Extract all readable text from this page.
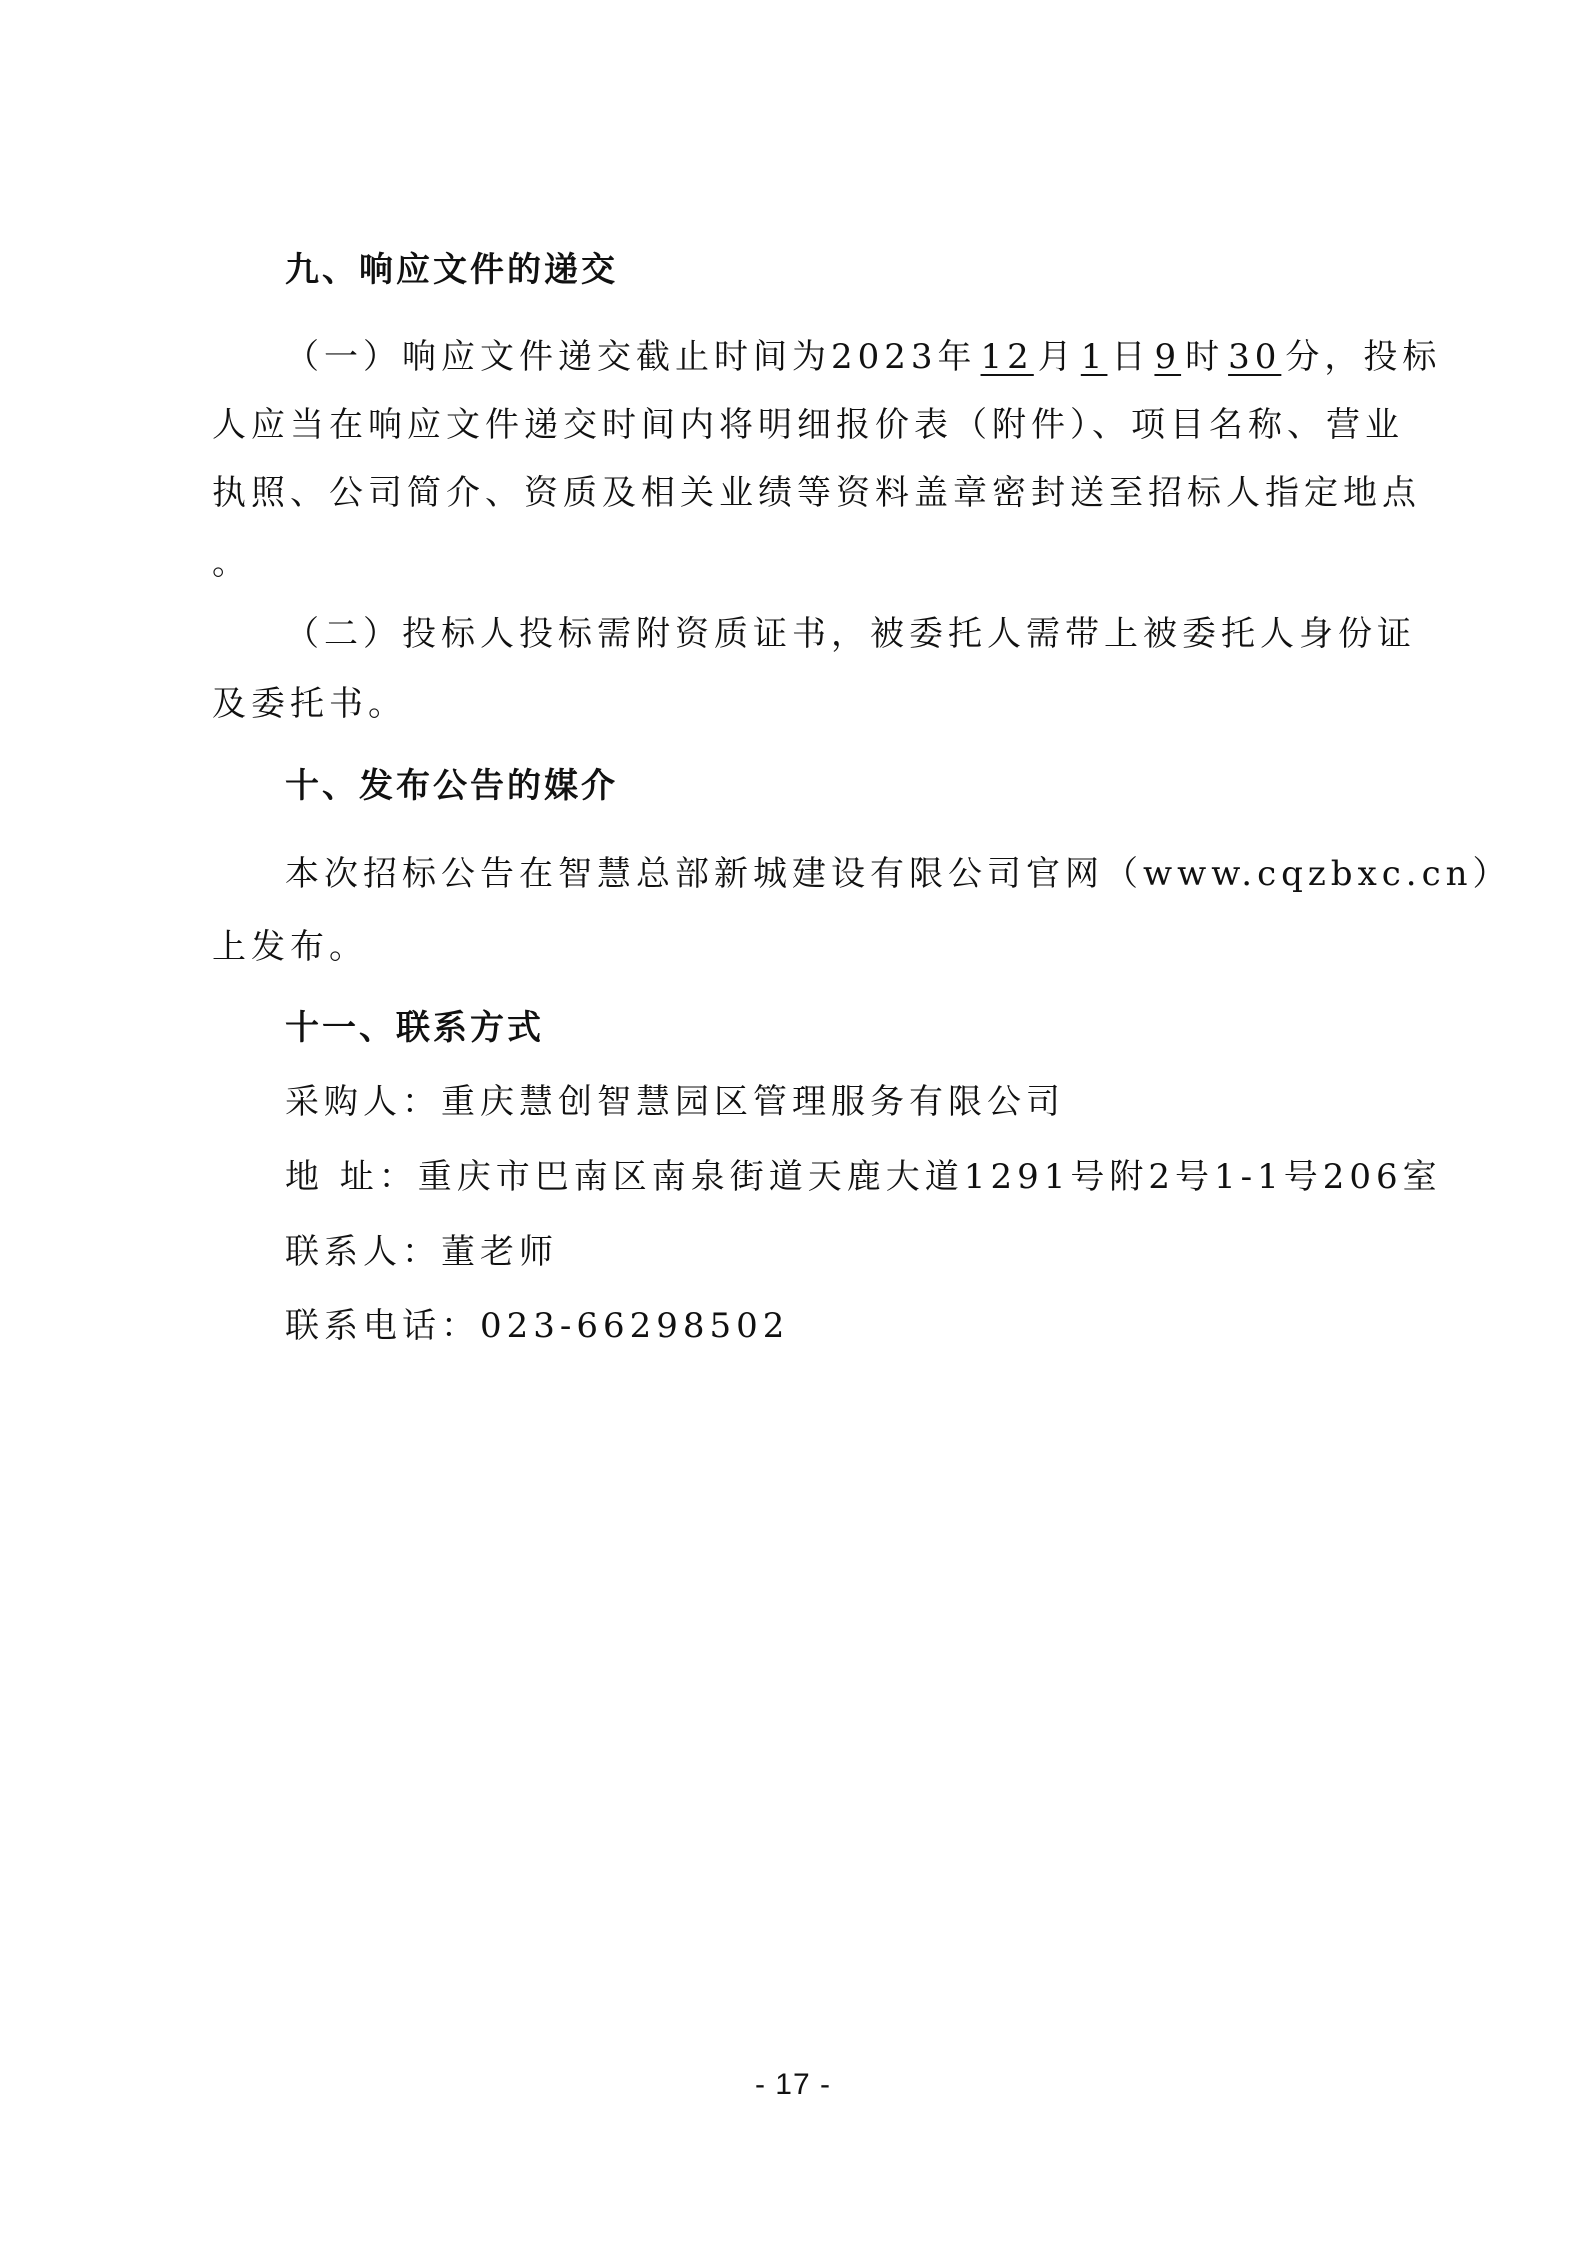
九、响应文件的递交
（一）响应文件递交截止时间为2023年 12 月 1 日 9 时 30 分，投标
人应当在响应文件递交时间内将明细报价表（附件）、项目名称、营业
执照、公司简介、资质及相关业绩等资料盖章密封送至招标人指定地点
。
（二）投标人投标需附资质证书，被委托人需带上被委托人身份证
及委托书。
十、发布公告的媒介
本次招标公告在智慧总部新城建设有限公司官网（www.cqzbxc.cn）
上发布。
十一、联系方式
采购人：重庆慧创智慧园区管理服务有限公司
地 址：重庆市巴南区南泉街道天鹿大道1291号附2号1-1号206室
联系人：董老师
联系电话：023-66298502
- 17 -
